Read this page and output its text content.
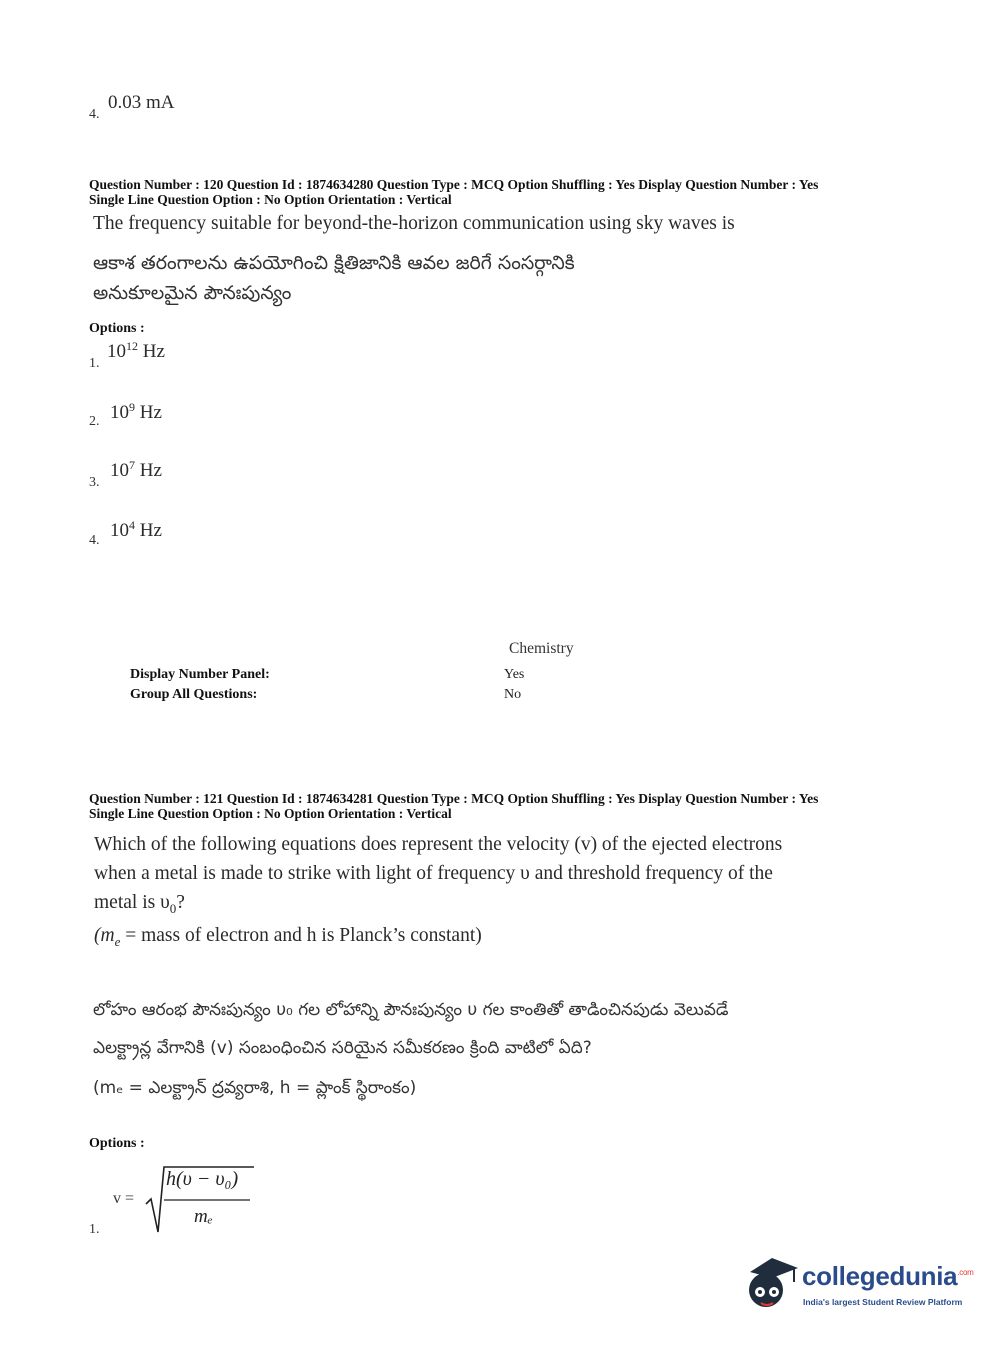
4.
0.03 mA
Question Number : 120 Question Id : 1874634280 Question Type : MCQ Option Shuffling : Yes Display Question Number : Yes
Single Line Question Option : No Option Orientation : Vertical
The frequency suitable for beyond-the-horizon communication using sky waves is
ఆకాశ తరంగాలను ఉపయోగించి క్షితిజానికి ఆవల జరిగే సంసర్గానికి
అనుకూలమైన పౌనఃపున్యం
Options :
1.
$10^{12}$ Hz
2. $10^9$ Hz
3.
$10^7$ Hz
4. $10^4$ Hz
Chemistry
Display Number Panel:	Yes
Group All Questions:	No
Question Number : 121 Question Id : 1874634281 Question Type : MCQ Option Shuffling : Yes Display Question Number : Yes
Single Line Question Option : No Option Orientation : Vertical
Which of the following equations does represent the velocity (v) of the ejected electrons
when a metal is made to strike with light of frequency υ and threshold frequency of the
metal is $\upsilon_0$?
($m_e$ = mass of electron and h is Planck’s constant)
లోహం ఆరంభ పౌనఃపున్యం υ₀ గల లోహాన్ని పౌనఃపున్యం υ గల కాంతితో తాడించినపుడు వెలువడే
ఎలక్ట్రాన్ల వేగానికి (v) సంబంధించిన సరియైన సమీకరణం క్రింది వాటిలో ఏది?
(mₑ = ఎలక్ట్రాన్ ద్రవ్యరాశి, h = ప్లాంక్ స్థిరాంకం)
Options :
1.
v =
h(υ − υ₀)
mₑ
collegedunia$^{.com}$
India's largest Student Review Platform
